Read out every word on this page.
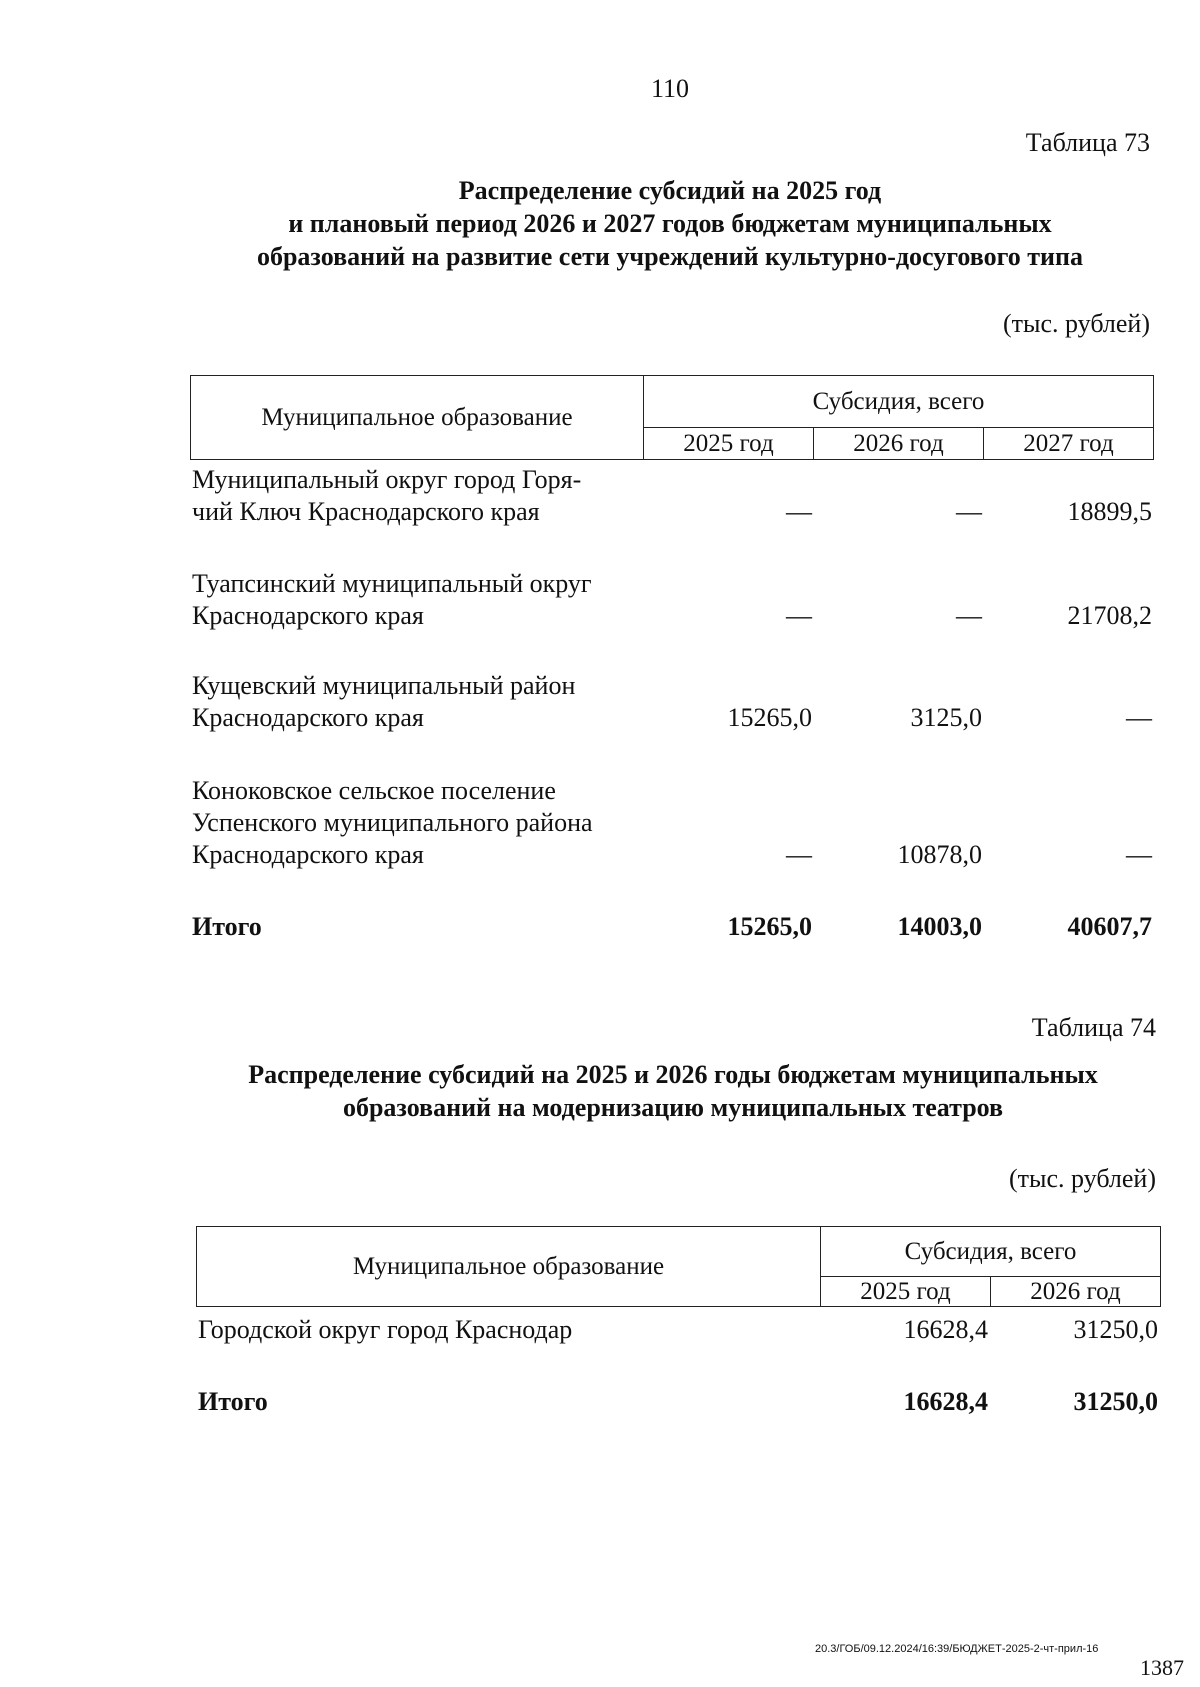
110
Таблица 73
Распределение субсидий на 2025 год
и плановый период 2026 и 2027 годов бюджетам муниципальных
образований на развитие сети учреждений культурно-досугового типа
(тыс. рублей)
Муниципальное образование	Субсидия, всего		
	2025 год	2026 год	2027 год
Муниципальный округ город Горя-
чий Ключ Краснодарского края	—	—	18899,5
Туапсинский муниципальный округ
Краснодарского края	—	—	21708,2
Кущевский муниципальный район
Краснодарского края	15265,0	3125,0	—
Коноковское сельское поселение
Успенского муниципального района
Краснодарского края	—	10878,0	—
Итого	15265,0	14003,0	40607,7
Таблица 74
Распределение субсидий на 2025 и 2026 годы бюджетам муниципальных
образований на модернизацию муниципальных театров
(тыс. рублей)
Муниципальное образование	Субсидия, всего	
	2025 год	2026 год
Городской округ город Краснодар	16628,4	31250,0
Итого	16628,4	31250,0
20.3/ГОБ/09.12.2024/16:39/БЮДЖЕТ-2025-2-чт-прил-16
1387
